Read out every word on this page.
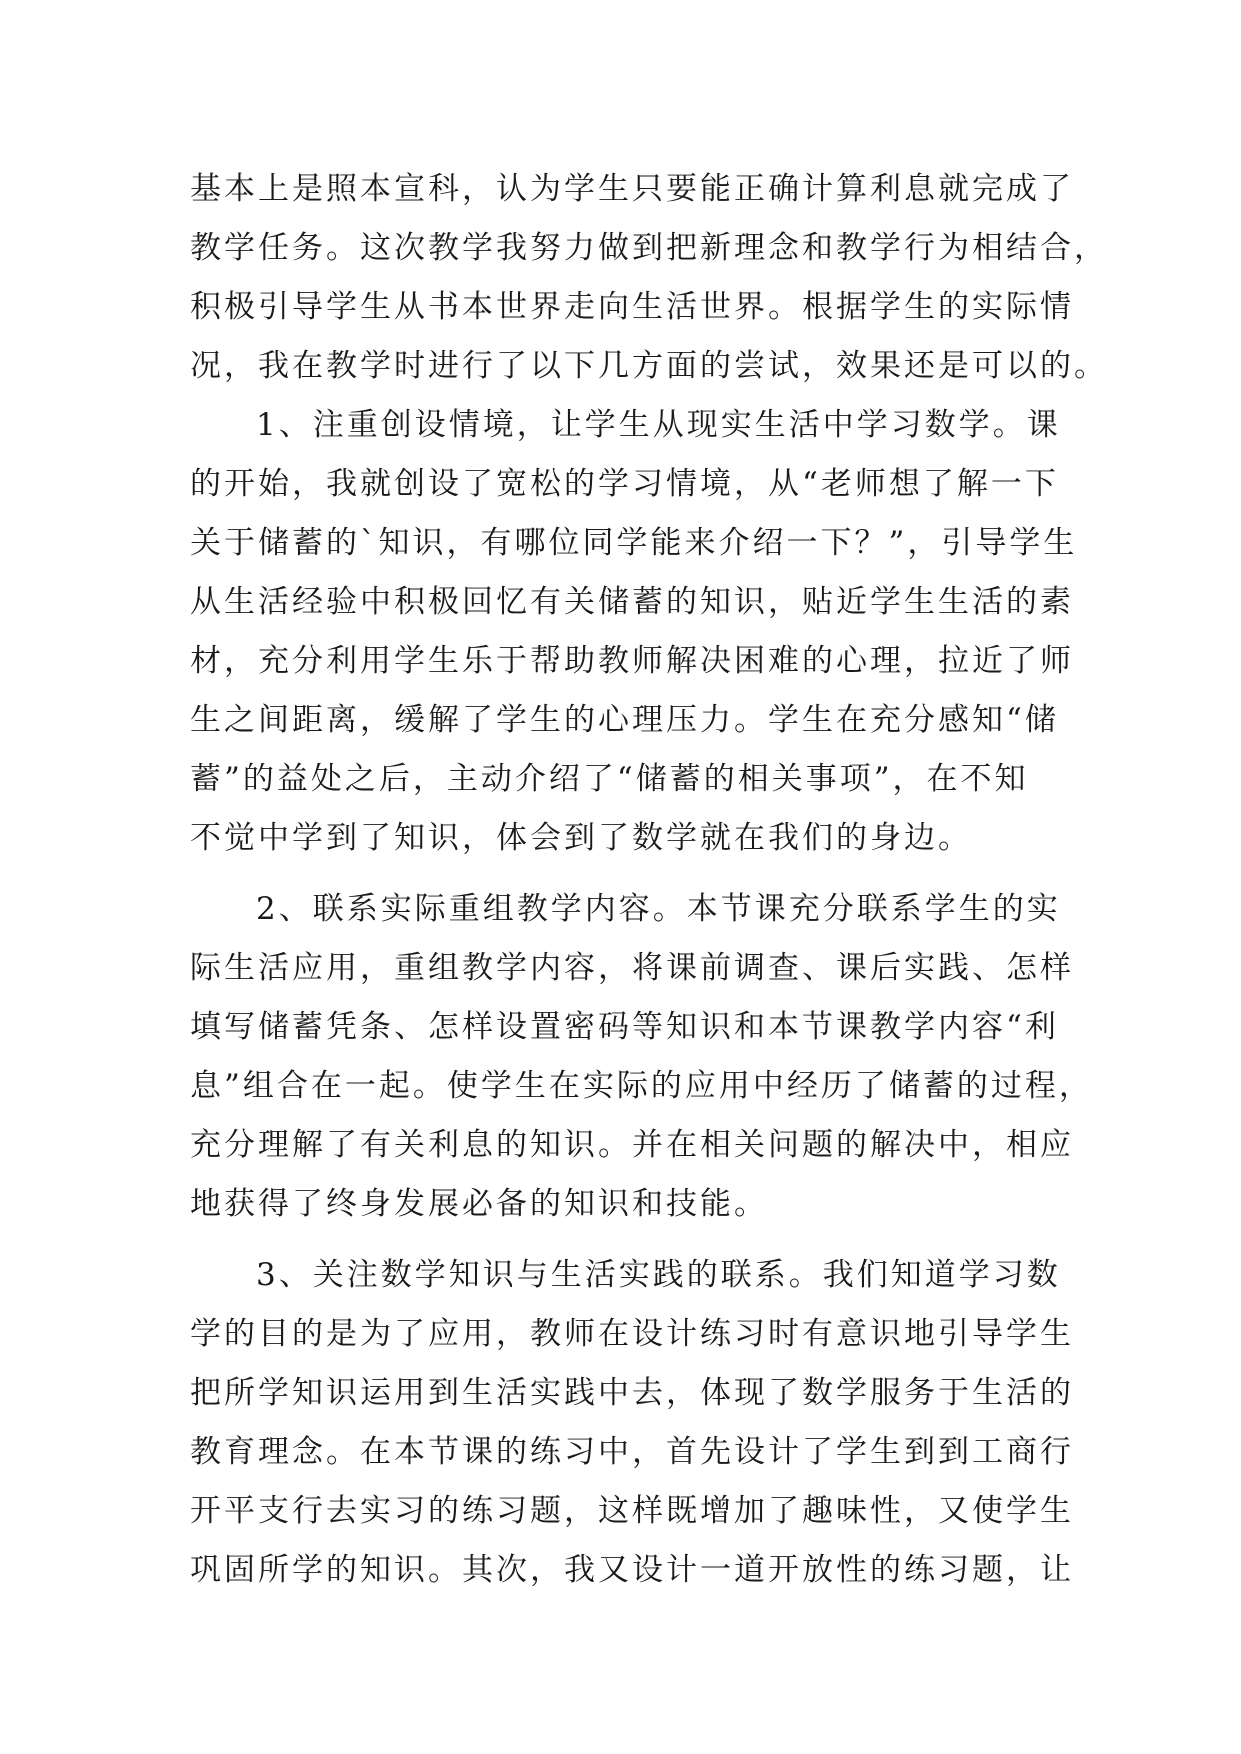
基本上是照本宣科，认为学生只要能正确计算利息就完成了
教学任务。这次教学我努力做到把新理念和教学行为相结合，
积极引导学生从书本世界走向生活世界。根据学生的实际情
况，我在教学时进行了以下几方面的尝试，效果还是可以的。
1、注重创设情境，让学生从现实生活中学习数学。课
的开始，我就创设了宽松的学习情境，从“老师想了解一下
关于储蓄的`知识，有哪位同学能来介绍一下？”，引导学生
从生活经验中积极回忆有关储蓄的知识，贴近学生生活的素
材，充分利用学生乐于帮助教师解决困难的心理，拉近了师
生之间距离，缓解了学生的心理压力。学生在充分感知“储
蓄”的益处之后，主动介绍了“储蓄的相关事项”，在不知
不觉中学到了知识，体会到了数学就在我们的身边。
2、联系实际重组教学内容。本节课充分联系学生的实
际生活应用，重组教学内容，将课前调查、课后实践、怎样
填写储蓄凭条、怎样设置密码等知识和本节课教学内容“利
息”组合在一起。使学生在实际的应用中经历了储蓄的过程，
充分理解了有关利息的知识。并在相关问题的解决中，相应
地获得了终身发展必备的知识和技能。
3、关注数学知识与生活实践的联系。我们知道学习数
学的目的是为了应用，教师在设计练习时有意识地引导学生
把所学知识运用到生活实践中去，体现了数学服务于生活的
教育理念。在本节课的练习中，首先设计了学生到到工商行
开平支行去实习的练习题，这样既增加了趣味性，又使学生
巩固所学的知识。其次，我又设计一道开放性的练习题，让
